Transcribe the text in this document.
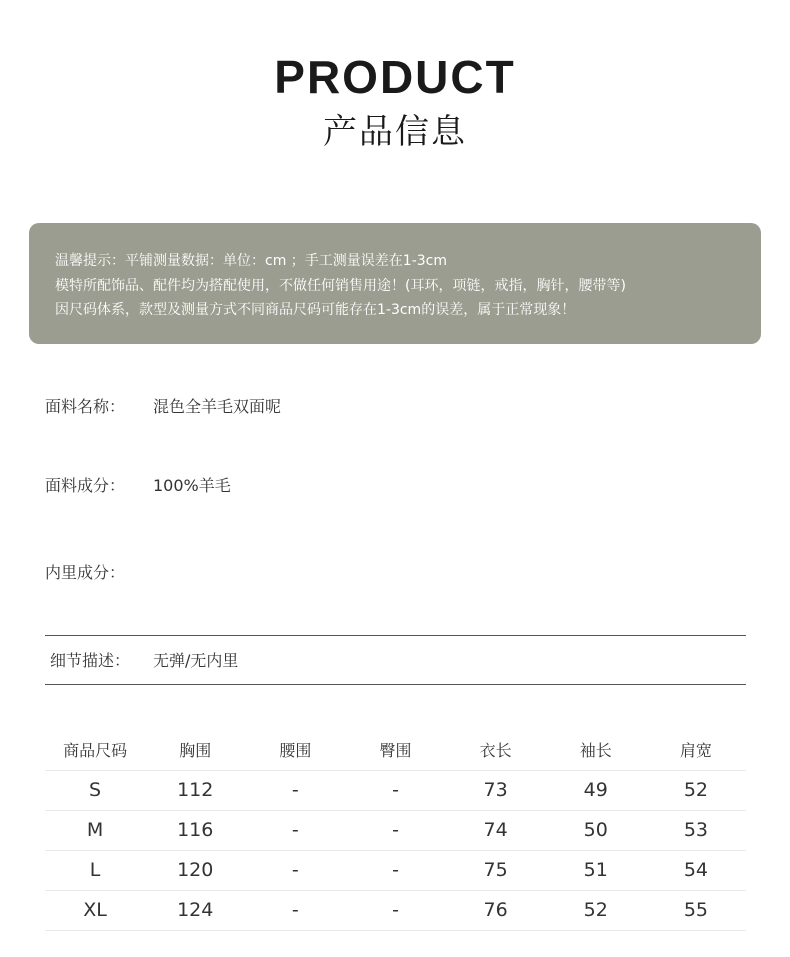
PRODUCT
产品信息
温馨提示：平铺测量数据：单位：cm ；手工测量误差在1-3cm
模特所配饰品、配件均为搭配使用，不做任何销售用途！(耳环，项链，戒指，胸针，腰带等)
因尺码体系，款型及测量方式不同商品尺码可能存在1-3cm的误差，属于正常现象！
面料名称： 混色全羊毛双面呢
面料成分： 100%羊毛
内里成分：
细节描述： 无弹/无内里
商品尺码	胸围	腰围	臀围	衣长	袖长	肩宽
S	112	-	-	73	49	52
M	116	-	-	74	50	53
L	120	-	-	75	51	54
XL	124	-	-	76	52	55
